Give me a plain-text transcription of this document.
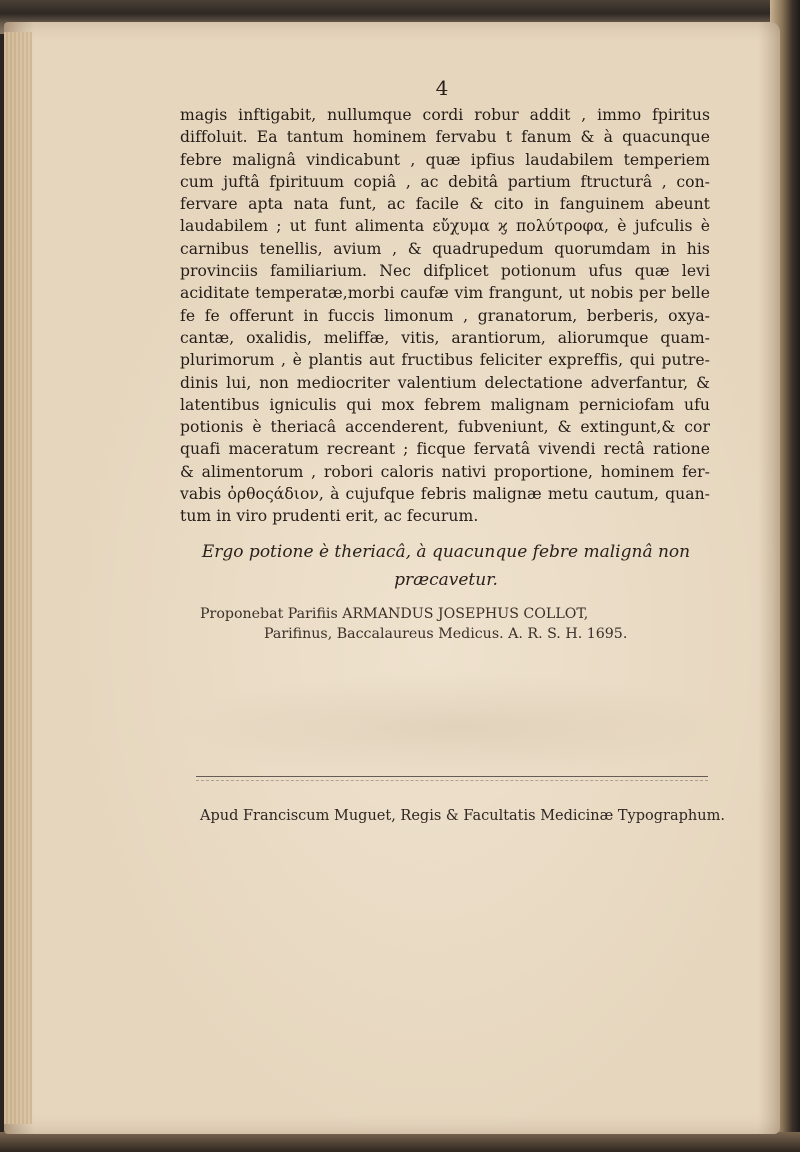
4
magis inftigabit, nullumque cordi robur addit , immo fpiritus
diffoluit. Ea tantum hominem fervabu t fanum & à quacunque
febre malignâ vindicabunt , quæ ipfius laudabilem temperiem
cum juftâ fpirituum copiâ , ac debitâ partium ftructurâ , con-
fervare apta nata funt, ac facile & cito in fanguinem abeunt
laudabilem ; ut funt alimenta εὔχυμα ϗ πολύτροφα, è jufculis è
carnibus tenellis, avium , & quadrupedum quorumdam in his
provinciis familiarium. Nec difplicet potionum ufus quæ levi
aciditate temperatæ,morbi caufæ vim frangunt, ut nobis per belle
fe fe offerunt in fuccis limonum , granatorum, berberis, oxya-
cantæ, oxalidis, meliffæ, vitis, arantiorum, aliorumque quam-
plurimorum , è plantis aut fructibus feliciter expreffis, qui putre-
dinis lui, non mediocriter valentium delectatione adverfantur, &
latentibus igniculis qui mox febrem malignam perniciofam ufu
potionis è theriacâ accenderent, fubveniunt, & extingunt,& cor
quafi maceratum recreant ; ficque fervatâ vivendi rectâ ratione
& alimentorum , robori caloris nativi proportione, hominem fer-
vabis ὀρθοςάδιον, à cujufque febris malignæ metu cautum, quan-
tum in viro prudenti erit, ac fecurum.
Ergo potione è theriacâ, à quacunque febre malignâ non
præcavetur.
Proponebat Parifiis ARMANDUS JOSEPHUS COLLOT,
Parifinus, Baccalaureus Medicus. A. R. S. H. 1695.
Apud Franciscum Muguet, Regis & Facultatis Medicinæ Typographum.
